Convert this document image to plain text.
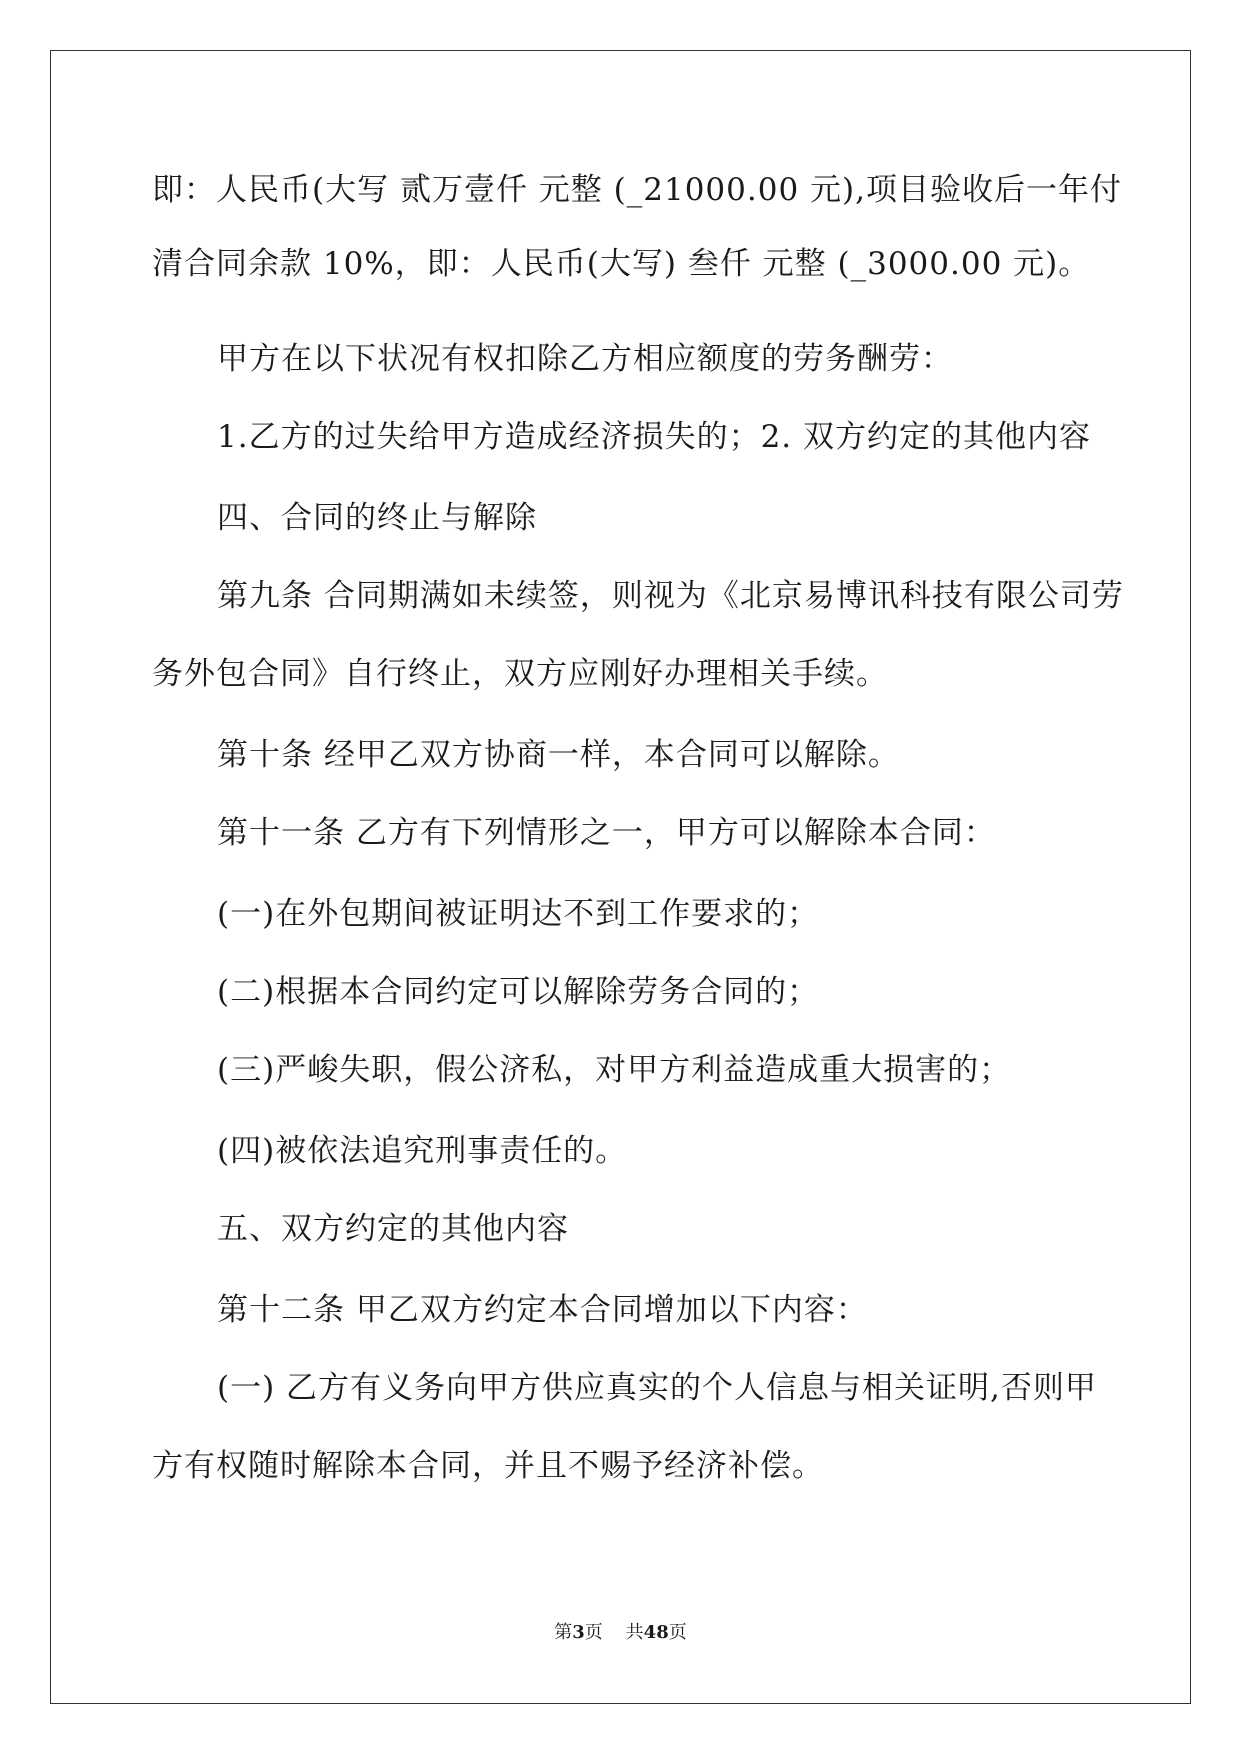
即：人民币(大写 贰万壹仟 元整 (_21000.00 元),项目验收后一年付
清合同余款 10%，即：人民币(大写) 叁仟 元整 (_3000.00 元)。
甲方在以下状况有权扣除乙方相应额度的劳务酬劳：
1.乙方的过失给甲方造成经济损失的；2. 双方约定的其他内容
四、合同的终止与解除
第九条 合同期满如未续签，则视为《北京易博讯科技有限公司劳
务外包合同》自行终止，双方应刚好办理相关手续。
第十条 经甲乙双方协商一样，本合同可以解除。
第十一条 乙方有下列情形之一，甲方可以解除本合同：
(一)在外包期间被证明达不到工作要求的；
(二)根据本合同约定可以解除劳务合同的；
(三)严峻失职，假公济私，对甲方利益造成重大损害的；
(四)被依法追究刑事责任的。
五、双方约定的其他内容
第十二条 甲乙双方约定本合同增加以下内容：
(一) 乙方有义务向甲方供应真实的个人信息与相关证明,否则甲
方有权随时解除本合同，并且不赐予经济补偿。
第3页 共48页
